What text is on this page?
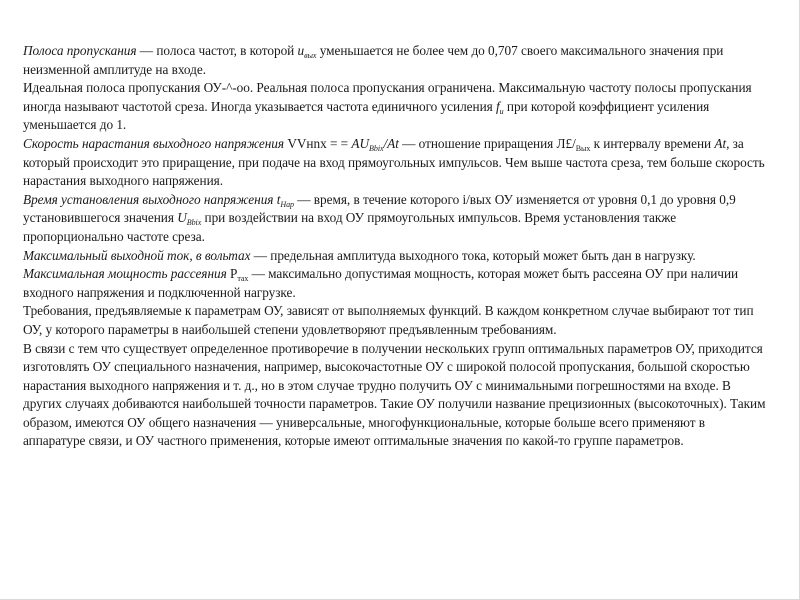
Полоса пропускания — полоса частот, в которой $u_{вых}$ уменьшается не более чем до 0,707 своего максимального значения при неизменной амплитуде на входе.

Идеальная полоса пропускания ОУ-^-оо. Реальная полоса пропускания ограничена. Максимальную частоту полосы пропускания иногда называют частотой среза. Иногда указывается частота единичного усиления $f_u$ при которой коэффициент усиления уменьшается до 1.

Скорость нарастания выходного напряжения VVнnх = = $AU_{Bbix}/At$ — отношение приращения $Л£/_{Вых}$ к интервалу времени At, за который происходит это приращение, при подаче на вход прямоугольных импульсов. Чем выше частота среза, тем больше скорость нарастания выходного напряжения.

Время установления выходного напряжения $t_{Нар}$ — время, в течение которого i/вых ОУ изменяется от уровня 0,1 до уровня 0,9 установившегося значения $U_{Bbix}$ при воздействии на вход ОУ прямоугольных импульсов. Время установления также пропорционально частоте среза.

Максимальный выходной ток, в вольтах — предельная амплитуда выходного тока, который может быть дан в нагрузку.

Максимальная мощность рассеяния $Р_{тах}$ — максимально допустимая мощность, которая может быть рассеяна ОУ при наличии входного напряжения и подключенной нагрузке.

Требования, предъявляемые к параметрам ОУ, зависят от выполняемых функций. В каждом конкретном случае выбирают тот тип ОУ, у которого параметры в наибольшей степени удовлетворяют предъявленным требованиям.

В связи с тем что существует определенное противоречие в получении нескольких групп оптимальных параметров ОУ, приходится изготовлять ОУ специального назначения, например, высокочастотные ОУ с широкой полосой пропускания, большой скоростью нарастания выходного напряжения и т. д., но в этом случае трудно получить ОУ с минимальными погрешностями на входе. В других случаях добиваются наибольшей точности параметров. Такие ОУ получили название прецизионных (высокоточных). Таким образом, имеются ОУ общего назначения — универсальные, многофункциональные, которые больше всего применяют в аппаратуре связи, и ОУ частного применения, которые имеют оптимальные значения по какой-то группе параметров.
